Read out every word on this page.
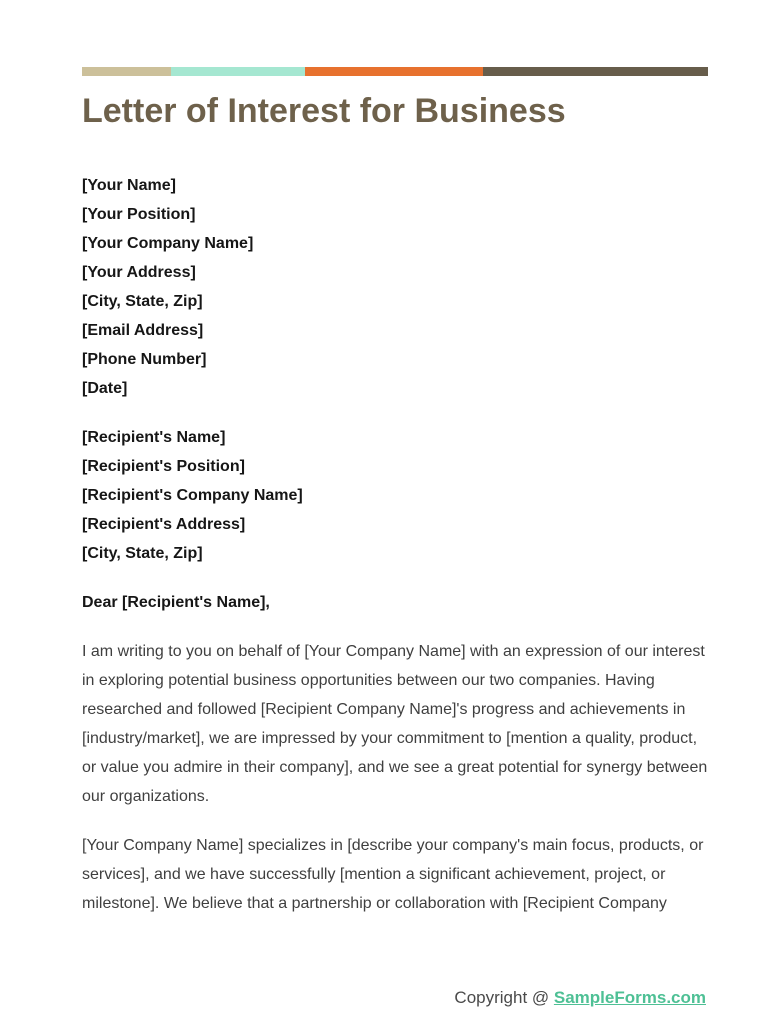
Letter of Interest for Business
[Your Name]
[Your Position]
[Your Company Name]
[Your Address]
[City, State, Zip]
[Email Address]
[Phone Number]
[Date]
[Recipient's Name]
[Recipient's Position]
[Recipient's Company Name]
[Recipient's Address]
[City, State, Zip]
Dear [Recipient's Name],

I am writing to you on behalf of [Your Company Name] with an expression of our interest in exploring potential business opportunities between our two companies. Having researched and followed [Recipient Company Name]'s progress and achievements in [industry/market], we are impressed by your commitment to [mention a quality, product, or value you admire in their company], and we see a great potential for synergy between our organizations.

[Your Company Name] specializes in [describe your company's main focus, products, or services], and we have successfully [mention a significant achievement, project, or milestone]. We believe that a partnership or collaboration with [Recipient Company

Copyright @ SampleForms.com
